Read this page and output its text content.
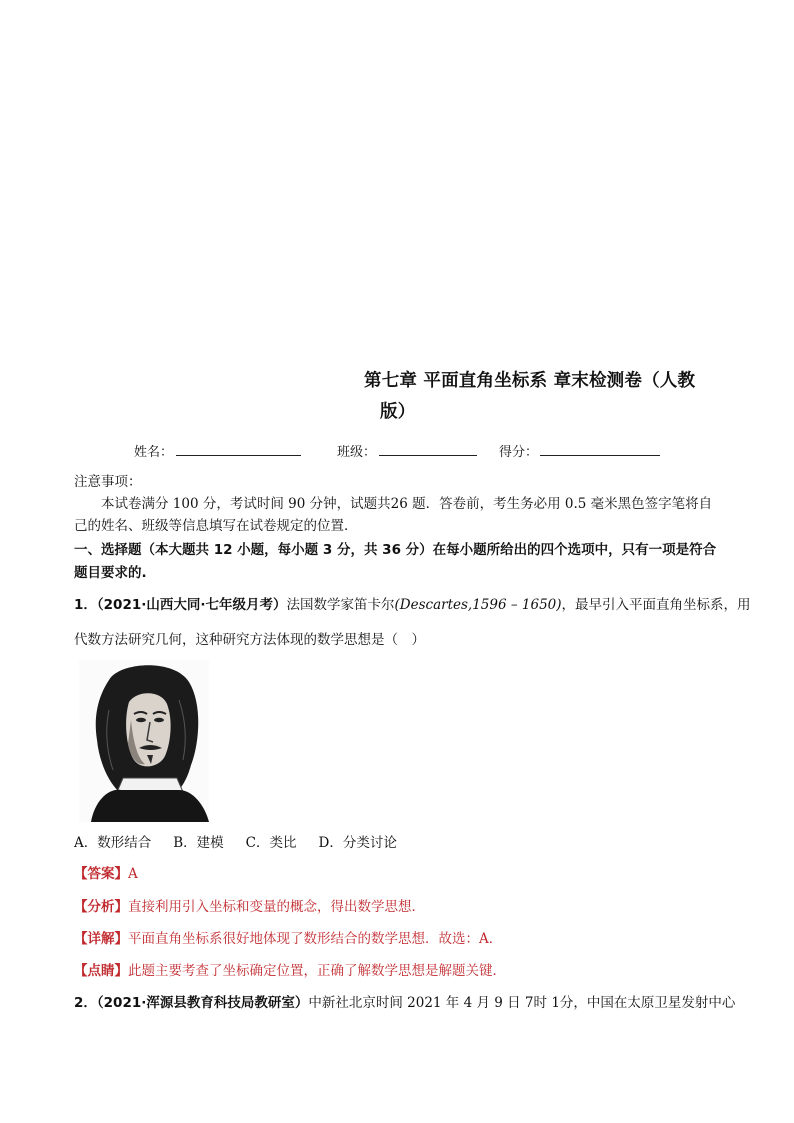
第七章 平面直角坐标系 章末检测卷（人教
版）
姓名：	班级：	得分：
注意事项：
本试卷满分 100 分，考试时间 90 分钟，试题共26 题．答卷前，考生务必用 0.5 毫米黑色签字笔将自
己的姓名、班级等信息填写在试卷规定的位置．
一、选择题（本大题共 12 小题，每小题 3 分，共 36 分）在每小题所给出的四个选项中，只有一项是符合
题目要求的.
1．（2021·山西大同·七年级月考）法国数学家笛卡尔(Descartes,1596 – 1650)，最早引入平面直角坐标系，用
代数方法研究几何，这种研究方法体现的数学思想是（　）
A．数形结合 B．建模 C．类比 D．分类讨论
【答案】A
【分析】直接利用引入坐标和变量的概念，得出数学思想．
【详解】平面直角坐标系很好地体现了数形结合的数学思想．故选：A．
【点睛】此题主要考查了坐标确定位置，正确了解数学思想是解题关键．
2．（2021·浑源县教育科技局教研室）中新社北京时间 2021 年 4 月 9 日 7时 1分，中国在太原卫星发射中心
